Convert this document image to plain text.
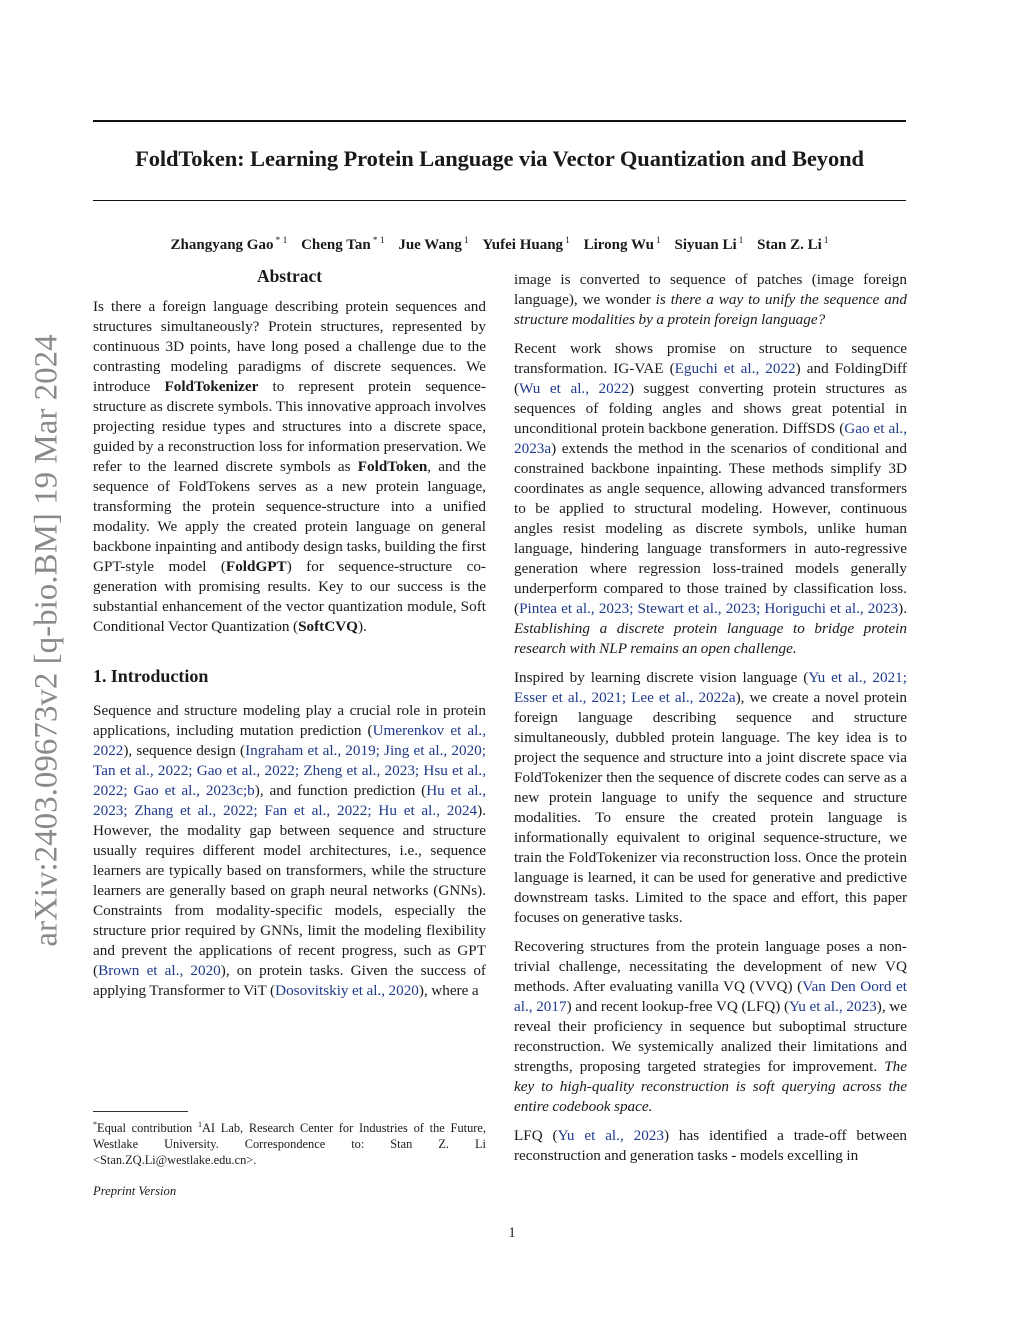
FoldToken: Learning Protein Language via Vector Quantization and Beyond
Zhangyang Gao $^{* 1}$ Cheng Tan $^{* 1}$ Jue Wang $^1$ Yufei Huang $^1$ Lirong Wu $^1$ Siyuan Li $^1$ Stan Z. Li $^1$
arXiv:2403.09673v2 [q-bio.BM] 19 Mar 2024
Abstract

Is there a foreign language describing protein sequences and structures simultaneously? Protein structures, represented by continuous 3D points, have long posed a challenge due to the contrasting modeling paradigms of discrete sequences. We introduce FoldTokenizer to represent protein sequence-structure as discrete symbols. This innovative approach involves projecting residue types and structures into a discrete space, guided by a reconstruction loss for information preservation. We refer to the learned discrete symbols as FoldToken, and the sequence of FoldTokens serves as a new protein language, transforming the protein sequence-structure into a unified modality. We apply the created protein language on general backbone inpainting and antibody design tasks, building the first GPT-style model (FoldGPT) for sequence-structure co-generation with promising results. Key to our success is the substantial enhancement of the vector quantization module, Soft Conditional Vector Quantization (SoftCVQ).

1. Introduction

Sequence and structure modeling play a crucial role in protein applications, including mutation prediction (Umerenkov et al., 2022), sequence design (Ingraham et al., 2019; Jing et al., 2020; Tan et al., 2022; Gao et al., 2022; Zheng et al., 2023; Hsu et al., 2022; Gao et al., 2023c;b), and function prediction (Hu et al., 2023; Zhang et al., 2022; Fan et al., 2022; Hu et al., 2024). However, the modality gap between sequence and structure usually requires different model architectures, i.e., sequence learners are typically based on transformers, while the structure learners are generally based on graph neural networks (GNNs). Constraints from modality-specific models, especially the structure prior required by GNNs, limit the modeling flexibility and prevent the applications of recent progress, such as GPT (Brown et al., 2020), on protein tasks. Given the success of applying Transformer to ViT (Dosovitskiy et al., 2020), where a

image is converted to sequence of patches (image foreign language), we wonder is there a way to unify the sequence and structure modalities by a protein foreign language?

Recent work shows promise on structure to sequence transformation. IG-VAE (Eguchi et al., 2022) and FoldingDiff (Wu et al., 2022) suggest converting protein structures as sequences of folding angles and shows great potential in unconditional protein backbone generation. DiffSDS (Gao et al., 2023a) extends the method in the scenarios of conditional and constrained backbone inpainting. These methods simplify 3D coordinates as angle sequence, allowing advanced transformers to be applied to structural modeling. However, continuous angles resist modeling as discrete symbols, unlike human language, hindering language transformers in auto-regressive generation where regression loss-trained models generally underperform compared to those trained by classification loss. (Pintea et al., 2023; Stewart et al., 2023; Horiguchi et al., 2023). Establishing a discrete protein language to bridge protein research with NLP remains an open challenge.

Inspired by learning discrete vision language (Yu et al., 2021; Esser et al., 2021; Lee et al., 2022a), we create a novel protein foreign language describing sequence and structure simultaneously, dubbled protein language. The key idea is to project the sequence and structure into a joint discrete space via FoldTokenizer then the sequence of discrete codes can serve as a new protein language to unify the sequence and structure modalities. To ensure the created protein language is informationally equivalent to original sequence-structure, we train the FoldTokenizer via reconstruction loss. Once the protein language is learned, it can be used for generative and predictive downstream tasks. Limited to the space and effort, this paper focuses on generative tasks.

Recovering structures from the protein language poses a non-trivial challenge, necessitating the development of new VQ methods. After evaluating vanilla VQ (VVQ) (Van Den Oord et al., 2017) and recent lookup-free VQ (LFQ) (Yu et al., 2023), we reveal their proficiency in sequence but suboptimal structure reconstruction. We systemically analized their limitations and strengths, proposing targeted strategies for improvement. The key to high-quality reconstruction is soft querying across the entire codebook space.

LFQ (Yu et al., 2023) has identified a trade-off between reconstruction and generation tasks - models excelling in

*Equal contribution $^1$AI Lab, Research Center for Industries of the Future, Westlake University. Correspondence to: Stan Z. Li <Stan.ZQ.Li@westlake.edu.cn>.
Preprint Version
1
